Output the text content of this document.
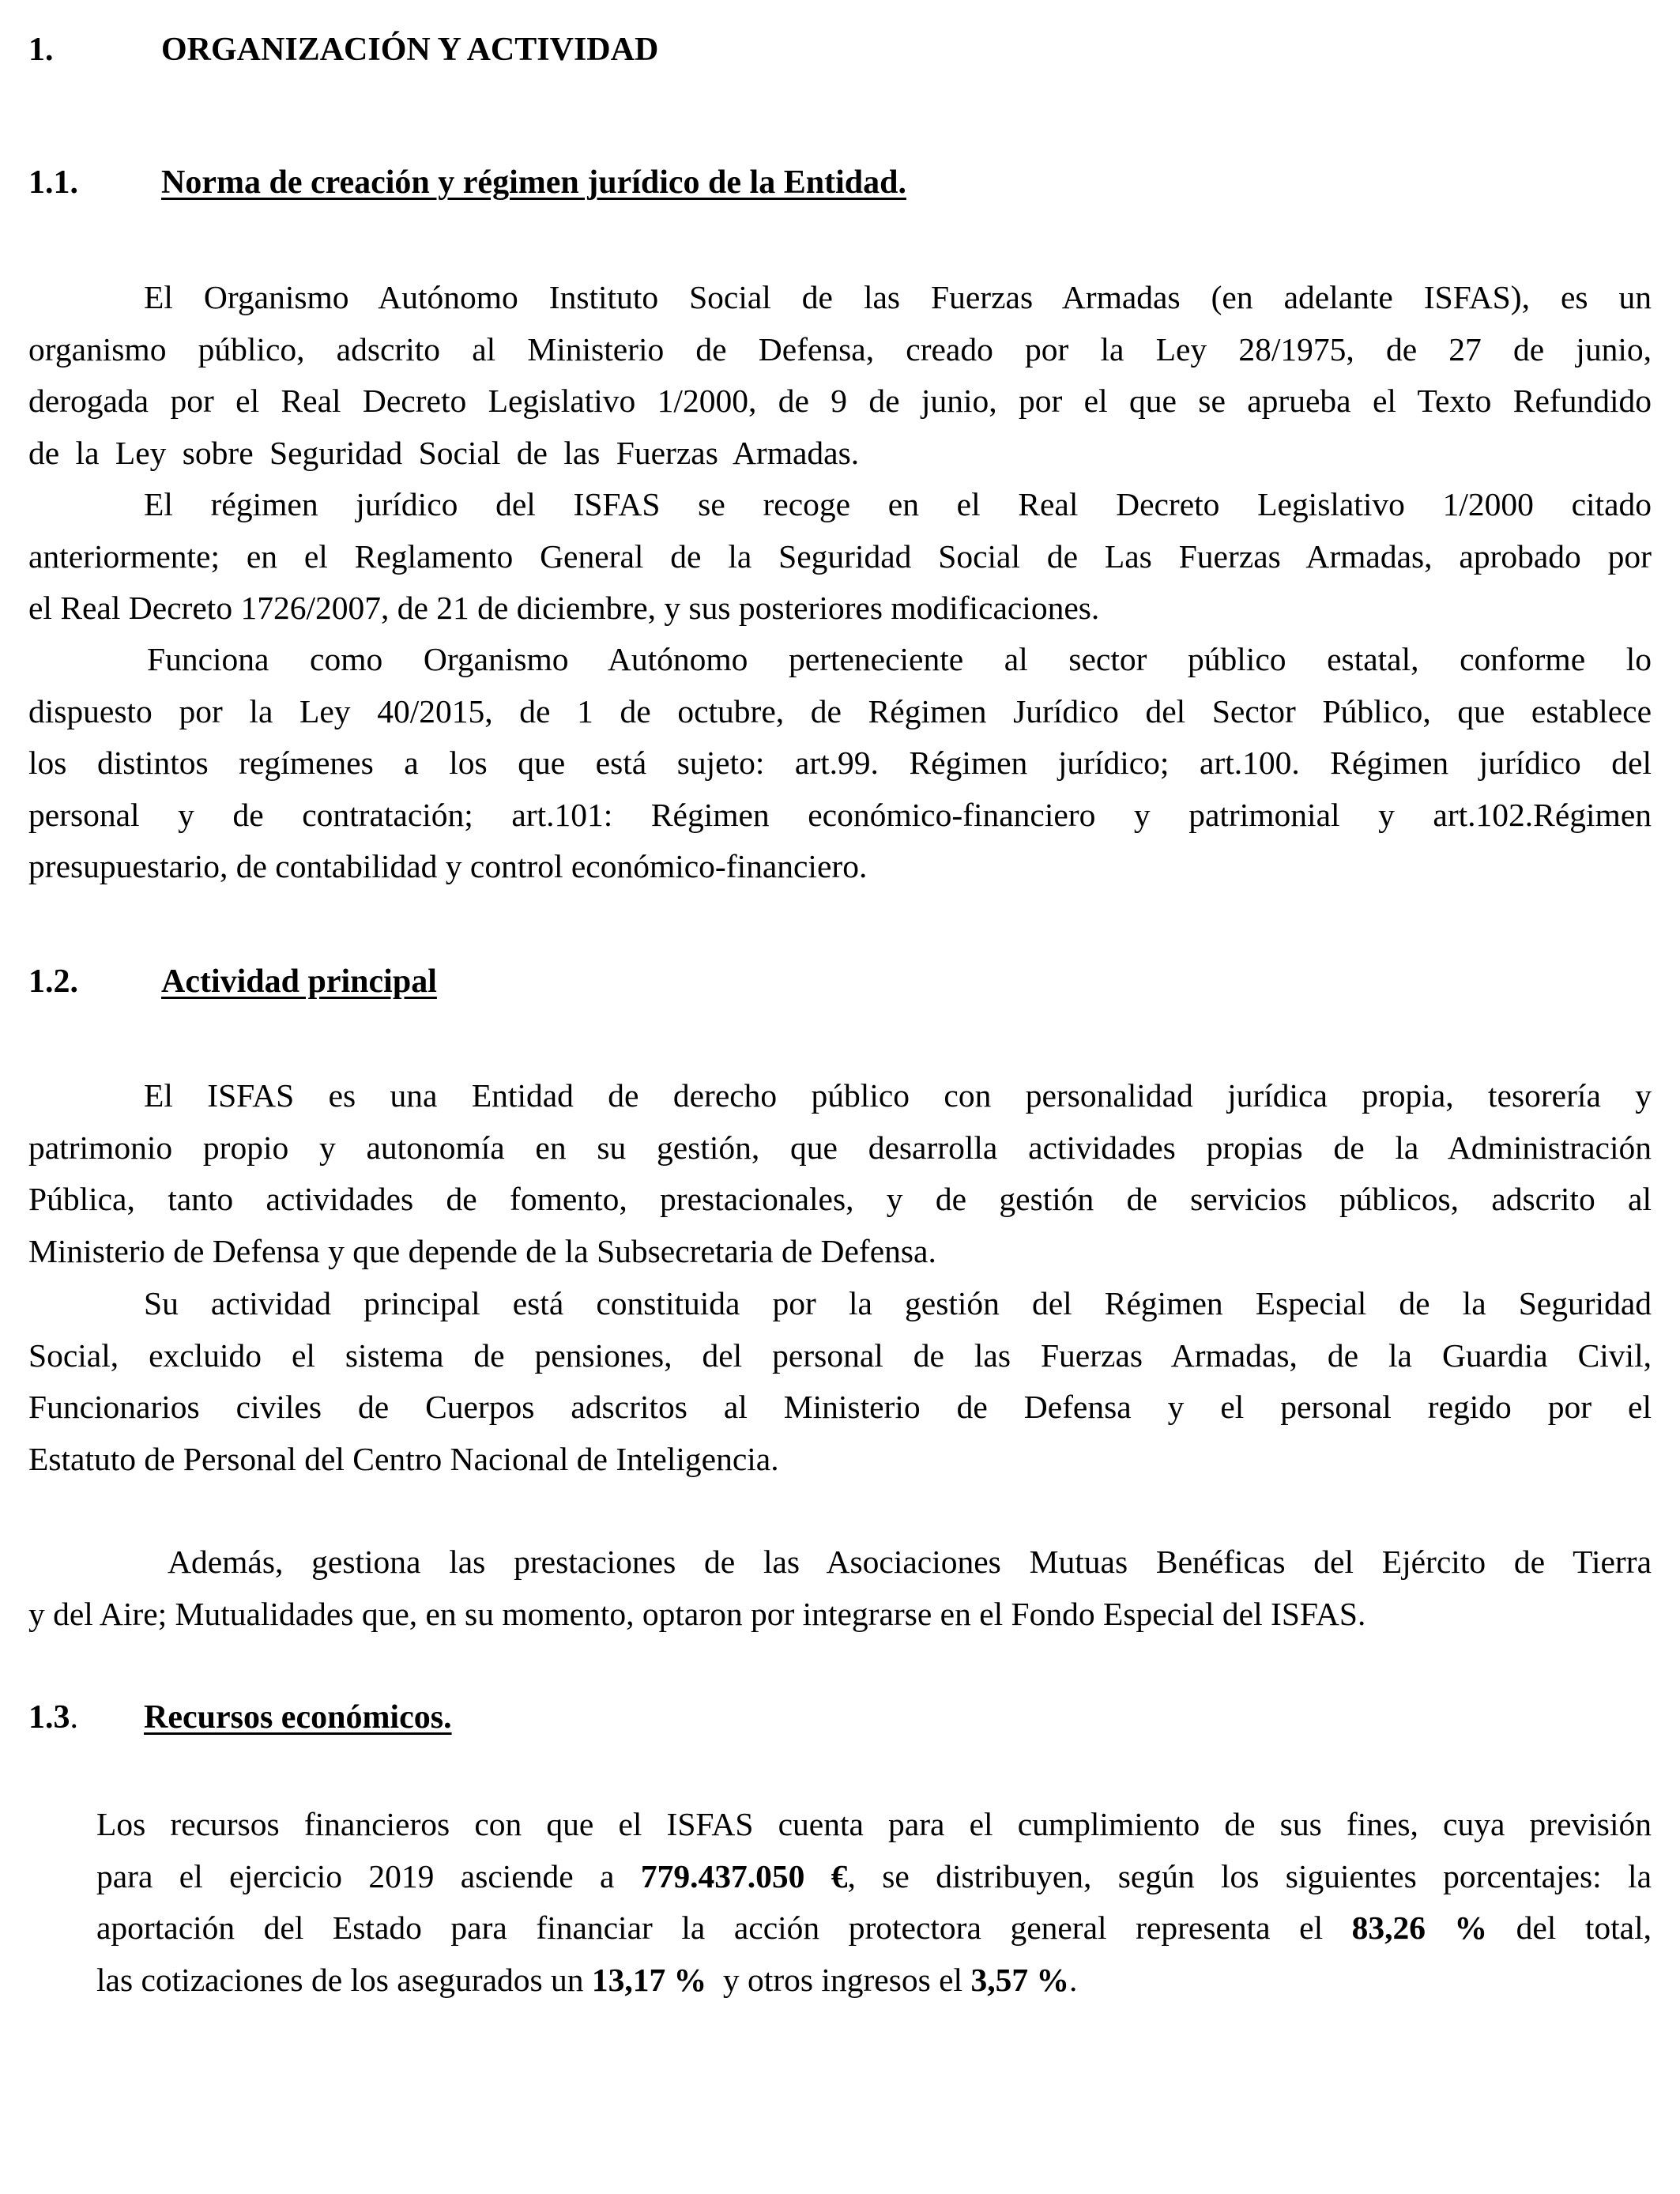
1.	ORGANIZACIÓN Y ACTIVIDAD
1.1.	Norma de creación y régimen jurídico de la Entidad.
El Organismo Autónomo Instituto Social de las Fuerzas Armadas (en adelante ISFAS), es un
organismo público, adscrito al Ministerio de Defensa, creado por la Ley 28/1975, de 27 de junio,
derogada por el Real Decreto Legislativo 1/2000, de 9 de junio, por el que se aprueba el Texto Refundido
de la Ley sobre Seguridad Social de las Fuerzas Armadas.
El régimen jurídico del ISFAS se recoge en el Real Decreto Legislativo 1/2000 citado
anteriormente; en el Reglamento General de la Seguridad Social de Las Fuerzas Armadas, aprobado por
el Real Decreto 1726/2007, de 21 de diciembre, y sus posteriores modificaciones.
Funciona como Organismo Autónomo perteneciente al sector público estatal, conforme lo
dispuesto por la Ley 40/2015, de 1 de octubre, de Régimen Jurídico del Sector Público, que establece
los distintos regímenes a los que está sujeto: art.99. Régimen jurídico; art.100. Régimen jurídico del
personal y de contratación; art.101: Régimen económico-financiero y patrimonial y art.102.Régimen
presupuestario, de contabilidad y control económico-financiero.
1.2.	Actividad principal
El ISFAS es una Entidad de derecho público con personalidad jurídica propia, tesorería y
patrimonio propio y autonomía en su gestión, que desarrolla actividades propias de la Administración
Pública, tanto actividades de fomento, prestacionales, y de gestión de servicios públicos, adscrito al
Ministerio de Defensa y que depende de la Subsecretaria de Defensa.
Su actividad principal está constituida por la gestión del Régimen Especial de la Seguridad
Social, excluido el sistema de pensiones, del personal de las Fuerzas Armadas, de la Guardia Civil,
Funcionarios civiles de Cuerpos adscritos al Ministerio de Defensa y el personal regido por el
Estatuto de Personal del Centro Nacional de Inteligencia.
Además, gestiona las prestaciones de las Asociaciones Mutuas Benéficas del Ejército de Tierra
y del Aire; Mutualidades que, en su momento, optaron por integrarse en el Fondo Especial del ISFAS.
1.3. Recursos económicos.
Los recursos financieros con que el ISFAS cuenta para el cumplimiento de sus fines, cuya previsión
para el ejercicio 2019 asciende a 779.437.050 €, se distribuyen, según los siguientes porcentajes: la
aportación del Estado para financiar la acción protectora general representa el 83,26 % del total,
las cotizaciones de los asegurados un 13,17 %  y otros ingresos el 3,57 %.
